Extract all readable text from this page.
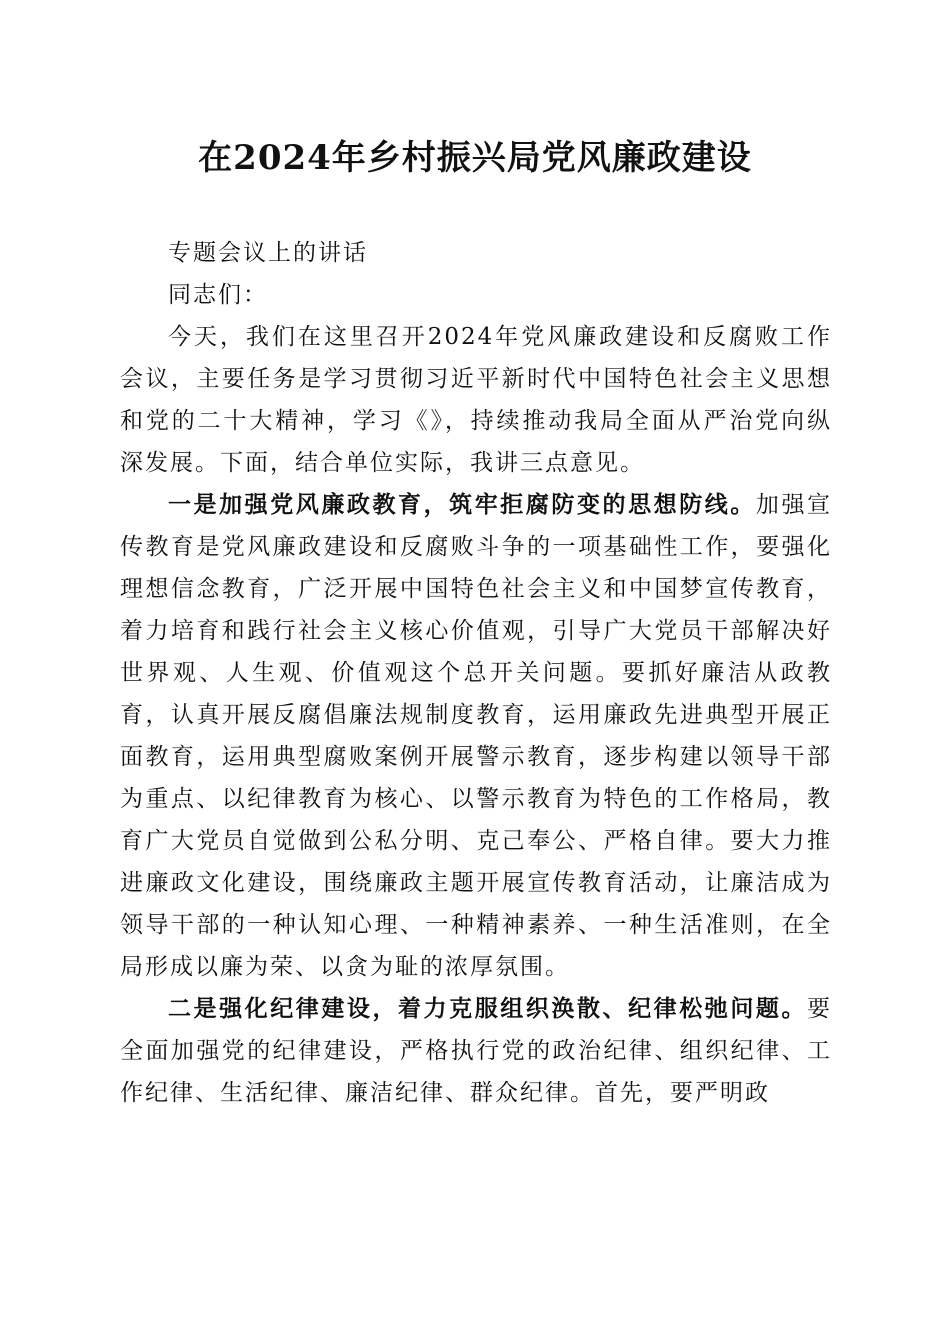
在2024年乡村振兴局党风廉政建设

专题会议上的讲话

同志们：

今天，我们在这里召开2024年党风廉政建设和反腐败工作会议，主要任务是学习贯彻习近平新时代中国特色社会主义思想和党的二十大精神，学习《》，持续推动我局全面从严治党向纵深发展。下面，结合单位实际，我讲三点意见。

一是加强党风廉政教育，筑牢拒腐防变的思想防线。加强宣传教育是党风廉政建设和反腐败斗争的一项基础性工作，要强化理想信念教育，广泛开展中国特色社会主义和中国梦宣传教育，着力培育和践行社会主义核心价值观，引导广大党员干部解决好世界观、人生观、价值观这个总开关问题。要抓好廉洁从政教育，认真开展反腐倡廉法规制度教育，运用廉政先进典型开展正面教育，运用典型腐败案例开展警示教育，逐步构建以领导干部为重点、以纪律教育为核心、以警示教育为特色的工作格局，教育广大党员自觉做到公私分明、克己奉公、严格自律。要大力推进廉政文化建设，围绕廉政主题开展宣传教育活动，让廉洁成为领导干部的一种认知心理、一种精神素养、一种生活准则，在全局形成以廉为荣、以贪为耻的浓厚氛围。

二是强化纪律建设，着力克服组织涣散、纪律松弛问题。要全面加强党的纪律建设，严格执行党的政治纪律、组织纪律、工作纪律、生活纪律、廉洁纪律、群众纪律。首先，要严明政
